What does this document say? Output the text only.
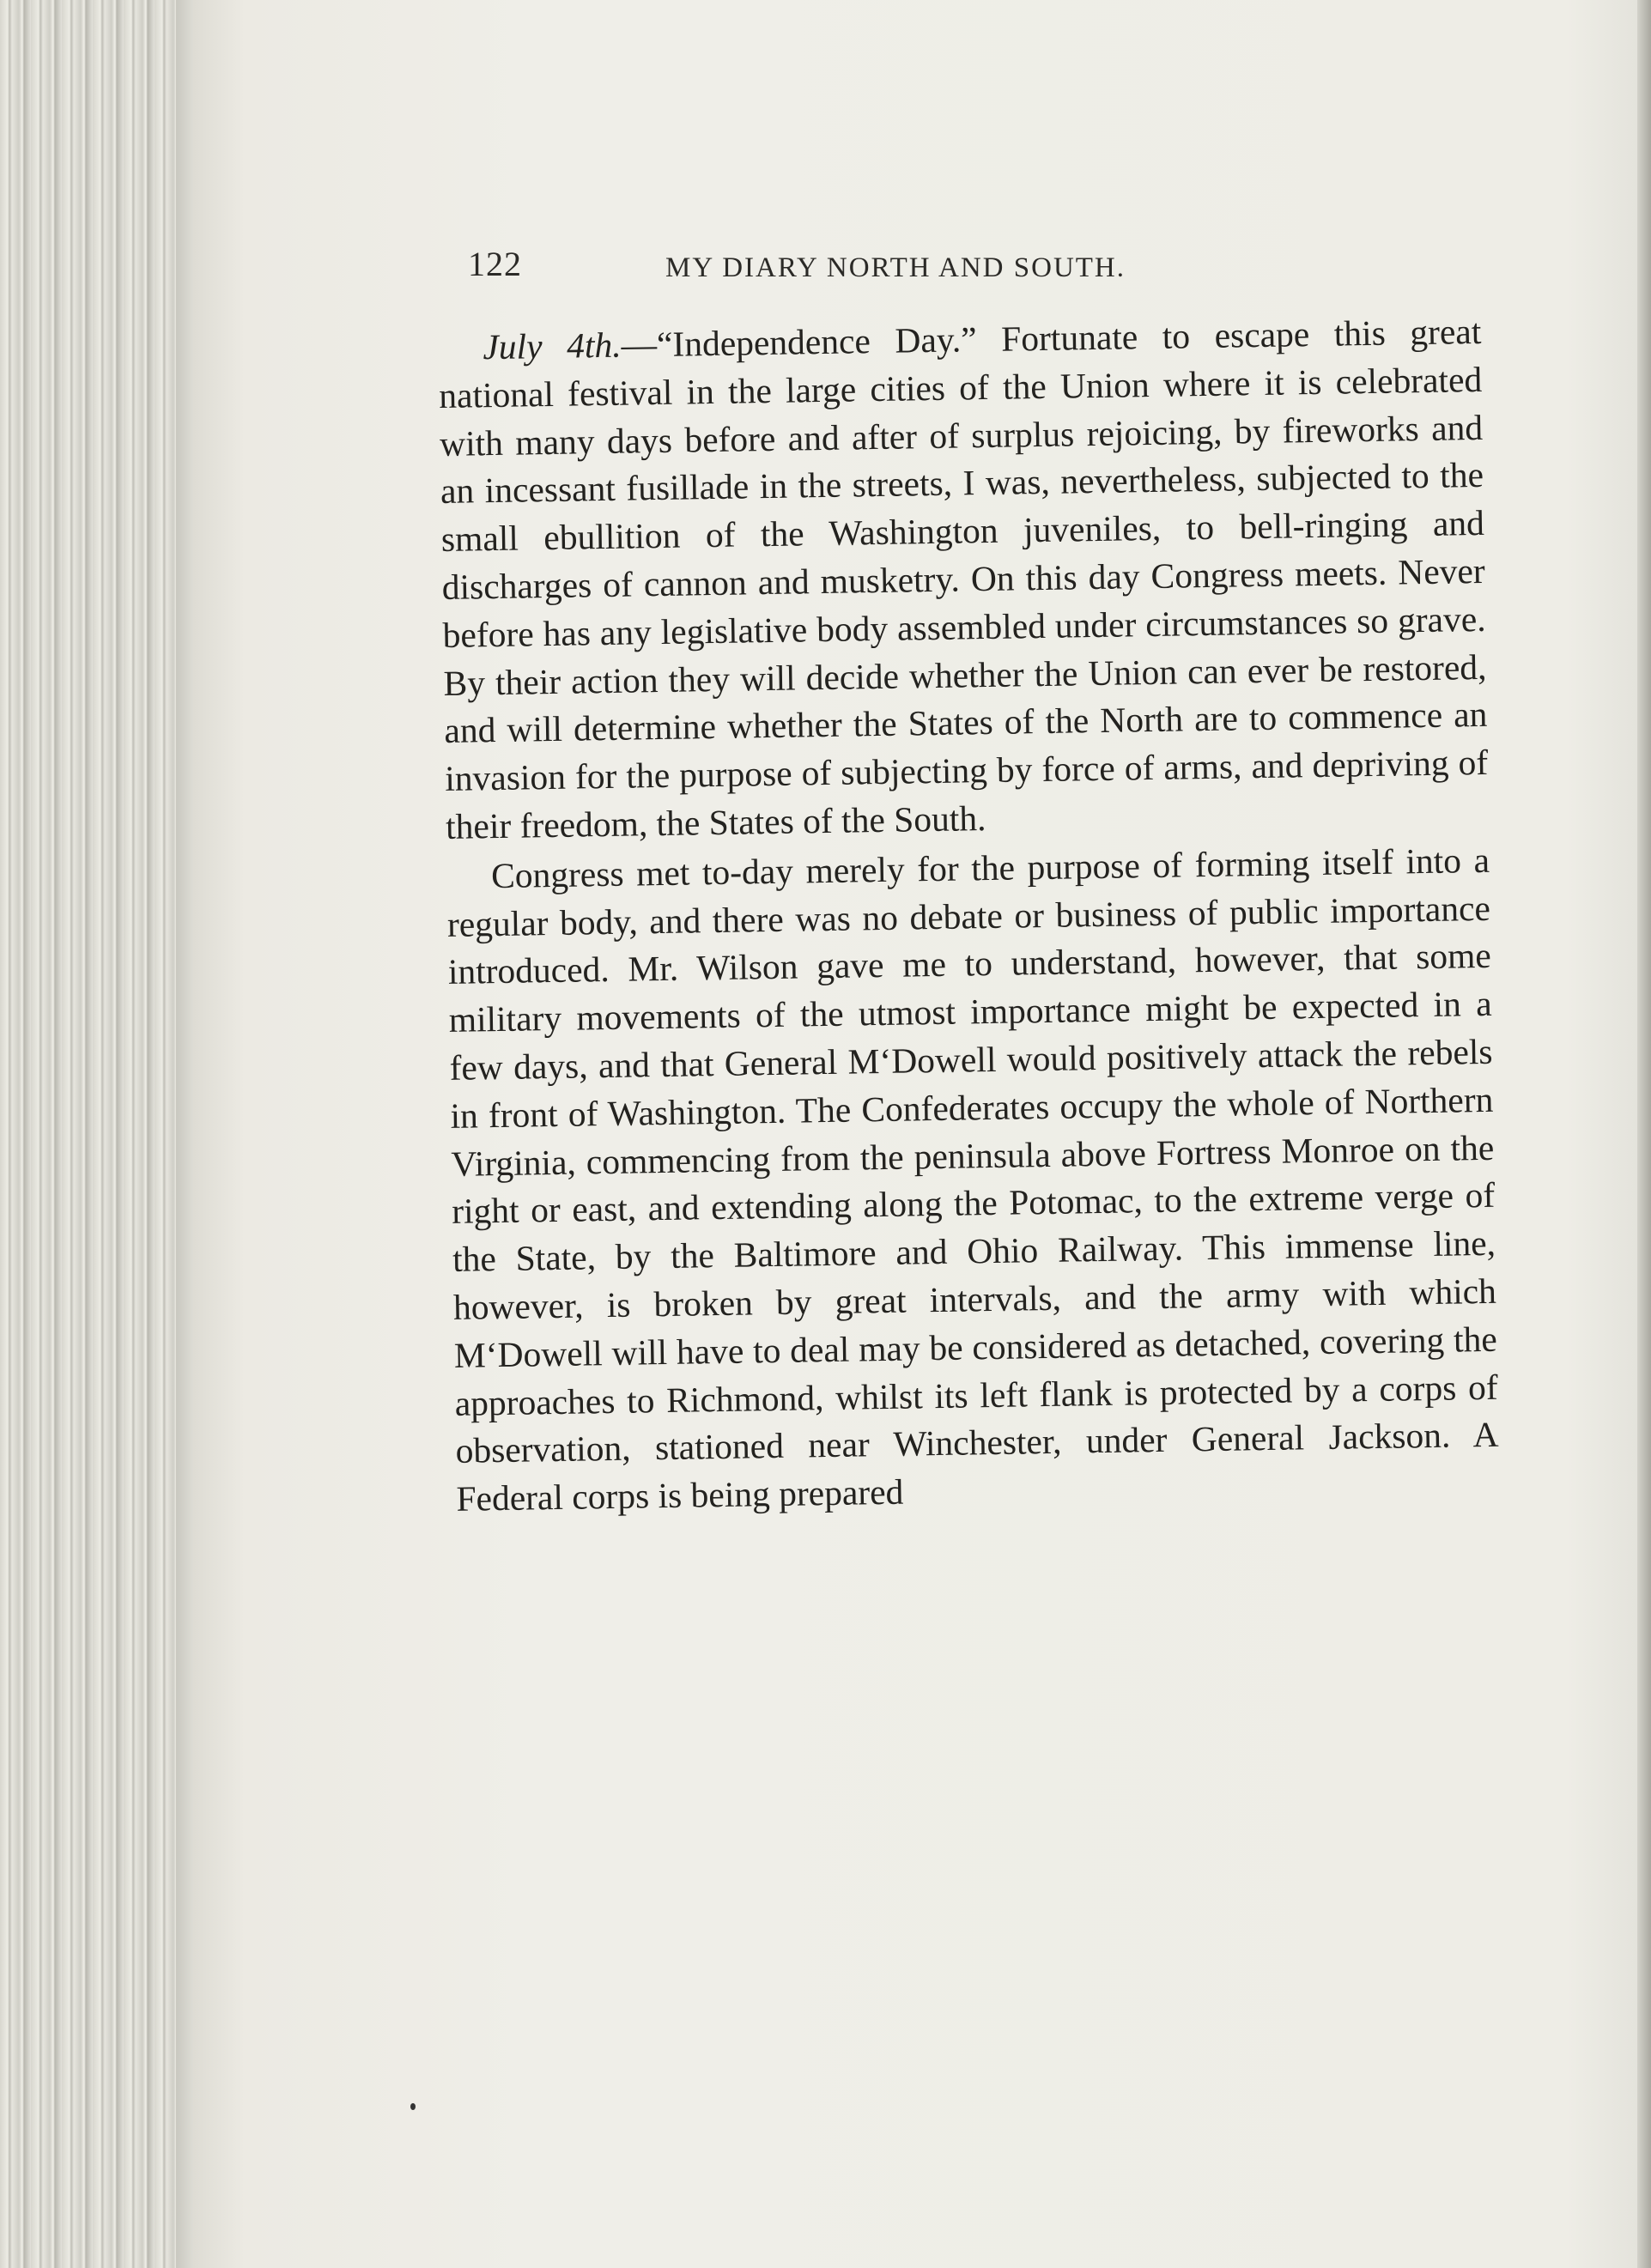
122	MY DIARY NORTH AND SOUTH.

July 4th.—“Independence Day.” Fortunate to escape this great national festival in the large cities of the Union where it is celebrated with many days before and after of surplus rejoicing, by fireworks and an incessant fusillade in the streets, I was, nevertheless, subjected to the small ebullition of the Washington juveniles, to bell-ringing and discharges of cannon and musketry. On this day Congress meets. Never before has any legislative body assembled under circumstances so grave. By their action they will decide whether the Union can ever be restored, and will determine whether the States of the North are to commence an invasion for the purpose of subjecting by force of arms, and depriving of their freedom, the States of the South.

Congress met to-day merely for the purpose of forming itself into a regular body, and there was no debate or business of public importance introduced. Mr. Wilson gave me to understand, however, that some military movements of the utmost importance might be expected in a few days, and that General M‘Dowell would positively attack the rebels in front of Washington. The Confederates occupy the whole of Northern Virginia, commencing from the peninsula above Fortress Monroe on the right or east, and extending along the Potomac, to the extreme verge of the State, by the Baltimore and Ohio Railway. This immense line, however, is broken by great intervals, and the army with which M‘Dowell will have to deal may be considered as detached, covering the approaches to Richmond, whilst its left flank is protected by a corps of observation, stationed near Winchester, under General Jackson. A Federal corps is being prepared
